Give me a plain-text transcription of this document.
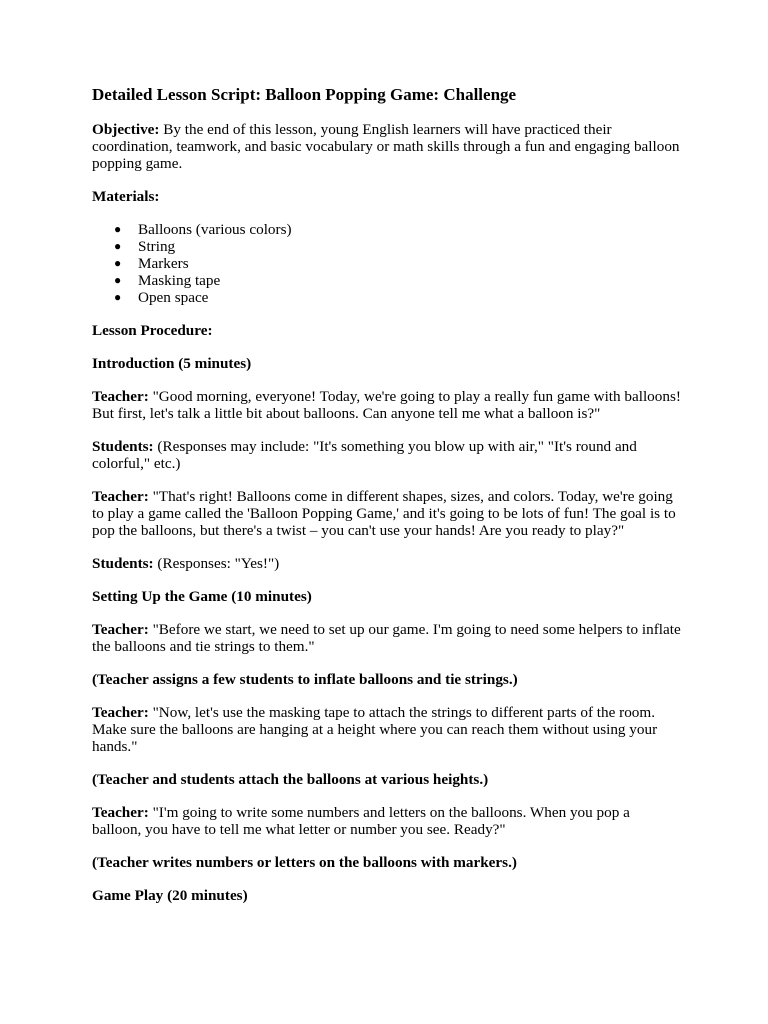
Detailed Lesson Script: Balloon Popping Game: Challenge

Objective: By the end of this lesson, young English learners will have practiced their coordination, teamwork, and basic vocabulary or math skills through a fun and engaging balloon popping game.

Materials:

● Balloons (various colors)
● String
● Markers
● Masking tape
● Open space

Lesson Procedure:

Introduction (5 minutes)

Teacher: "Good morning, everyone! Today, we're going to play a really fun game with balloons! But first, let's talk a little bit about balloons. Can anyone tell me what a balloon is?"

Students: (Responses may include: "It's something you blow up with air," "It's round and colorful," etc.)

Teacher: "That's right! Balloons come in different shapes, sizes, and colors. Today, we're going to play a game called the 'Balloon Popping Game,' and it's going to be lots of fun! The goal is to pop the balloons, but there's a twist – you can't use your hands! Are you ready to play?"

Students: (Responses: "Yes!")

Setting Up the Game (10 minutes)

Teacher: "Before we start, we need to set up our game. I'm going to need some helpers to inflate the balloons and tie strings to them."

(Teacher assigns a few students to inflate balloons and tie strings.)

Teacher: "Now, let's use the masking tape to attach the strings to different parts of the room. Make sure the balloons are hanging at a height where you can reach them without using your hands."

(Teacher and students attach the balloons at various heights.)

Teacher: "I'm going to write some numbers and letters on the balloons. When you pop a balloon, you have to tell me what letter or number you see. Ready?"

(Teacher writes numbers or letters on the balloons with markers.)

Game Play (20 minutes)
